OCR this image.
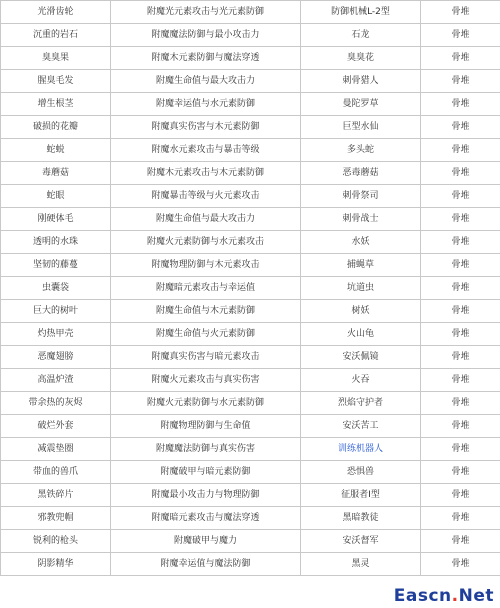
光滑齿轮	附魔光元素攻击与光元素防御	防御机械L-2型	骨堆
沉重的岩石	附魔魔法防御与最小攻击力	石龙	骨堆
臭臭果	附魔木元素防御与魔法穿透	臭臭花	骨堆
腥臭毛发	附魔生命值与最大攻击力	刺骨猎人	骨堆
增生根茎	附魔幸运值与水元素防御	曼陀罗草	骨堆
破损的花瓣	附魔真实伤害与木元素防御	巨型水仙	骨堆
蛇蜕	附魔水元素攻击与暴击等级	多头蛇	骨堆
毒蘑菇	附魔木元素攻击与木元素防御	恶毒蘑菇	骨堆
蛇眼	附魔暴击等级与火元素攻击	刺骨祭司	骨堆
刚硬体毛	附魔生命值与最大攻击力	刺骨战士	骨堆
透明的水珠	附魔火元素防御与水元素攻击	水妖	骨堆
坚韧的藤蔓	附魔物理防御与木元素攻击	捕蝇草	骨堆
虫囊袋	附魔暗元素攻击与幸运值	坑道虫	骨堆
巨大的树叶	附魔生命值与木元素防御	树妖	骨堆
灼热甲壳	附魔生命值与火元素防御	火山龟	骨堆
恶魔翅膀	附魔真实伤害与暗元素攻击	安沃佩镜	骨堆
高温炉渣	附魔火元素攻击与真实伤害	火吞	骨堆
带余热的灰烬	附魔火元素防御与水元素防御	烈焰守护者	骨堆
破烂外套	附魔物理防御与生命值	安沃苦工	骨堆
减震垫圈	附魔魔法防御与真实伤害	训练机器人	骨堆
带血的兽爪	附魔破甲与暗元素防御	恐惧兽	骨堆
黑铁碎片	附魔最小攻击力与物理防御	征服者Ⅰ型	骨堆
邪教兜帽	附魔暗元素攻击与魔法穿透	黑暗教徒	骨堆
锐利的枪头	附魔破甲与魔力	安沃督军	骨堆
阴影精华	附魔幸运值与魔法防御	黑灵	骨堆
Eascn.Net
